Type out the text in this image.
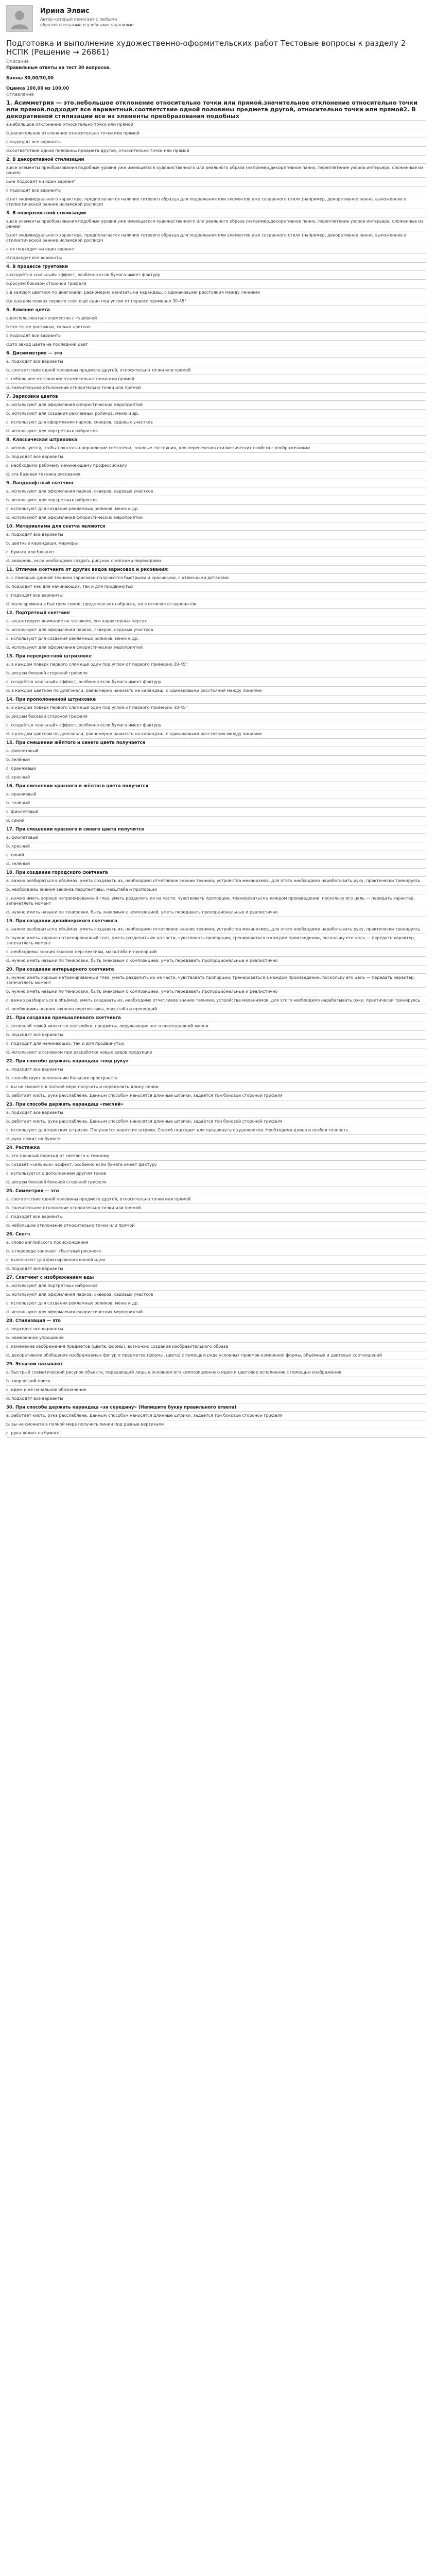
Ирина Элвис
Автор который помогает с любыми образовательными и учебными заданиями
Подготовка и выполнение художественно-оформительских работ Тестовые вопросы к разделу 2 НСПК (Решение → 26861)
Описание
Правильные ответы на тест 30 вопросов.
Баллы 30,00/30,00
Оценка 100,00 из 100,00
Оглавление
1. Асимметрия — это.небольшое отклонение относительно точки или прямой.значительное отклонение относительно точки или прямой.подходит все вариантный.соответствие одной половины предмета другой, относительно точки или прямой2. В декоративной стилизации все из элементы преобразования подобных
а.небольшое отклонение относительно точки или прямой
b.значительное отклонение относительно точки или прямой
с.подходят все варианты
d.соответствие одной половины предмета другой, относительно точки или прямой
2. В декоративной стилизации
а.все элементы преобразования подобные уровня уже имеющегося художественного или реального образа (например,декоративное панно, переплетение узоров интерьера, сложенные из ранее)
b.не подходят ни один вариант
с.подходят все варианты
d.нет индивидуального характера, предполагается наличие готового образца для подражания или элементов уже созданного стиля (например, декоративное панно, выложенное в стилистической ранние исламской росписи)
3. В поверхностной стилизации
а.все элементы преобразования подобные уровня уже имеющегося художественного или реального образа (например,декоративное панно, переплетение узоров интерьера, сложенные из ранее)
b.нет индивидуального характера, предполагается наличие готового образца для подражания или элементов уже созданного стиля (например, декоративное панно, выложенное в стилистической ранние исламской росписи)
с.не подходит ни один вариант
d.подходят все варианты
4. В процессе грунтовки
а.создаётся «сильный» эффект, особенно если бумага имеет фактуру
b.рисуем боковой стороной грифеля
с.в каждом цветном по диагонали, равномерно нанизать на карандаш, с одинаковыми расстояния между линиями
d.в каждом поверх первого слоя ещё один под углом от первого примерно 30-45°
5. Влияние цвета
а.воспользоваться совместно с тушёвкой
b.что те же растяжки, только цветная
с.подходят все варианты
d.это эвход цвета на последний цвет
6. Дисимметрия — это
а. подходят все варианты
b. соответствие одной половины предмета другой, относительно точки или прямой
с. небольшое отклонение относительно точки или прямой
d. значительное отклонение относительно точки или прямой
7. Зарисовки цветов
а. используют для оформления флористических мероприятий
b. используют для создания рекламных роликов, меню и др.
с. используют для оформления парков, скверов, садовых участков
d. используют для портретных набросков
8. Классическая штриховка
а. используется, чтобы показать направление светотени, тоновые состояния, для пересечения стилистических свойств с изображениями
b. подходят все варианты
с. необходимо рабочему начинающему профессионалу
d. эта базовая техника рисования
9. Ландшафтный скетчинг
а. используют для оформления парков, скверов, садовых участков
b. используют для портретных набросков
с. используют для создания рекламных роликов, меню и др.
d. используют для оформления флористических мероприятий
10. Материалами для скетча являются
а. подходят все варианты
b. цветные карандаши, маркеры
с. бумага или блокнот
d. акварель, если необходимо создать рисунок с мягкими переходами
11. Отличие скетчинга от других видов зарисовок и рисования:
а. с помощью данной техники зарисовки получаются быстрыми и красивыми, с отличными деталями
b. подходит как для начинающих, так и для продвинутых
с. подходят все варианты
d. мало времени в быстром темпе, предполагает набросок, но в отличие от вариантов
12. Портретный скетчинг
а. акцентируют внимание на человеке, его характерных чертах
b. используют для оформления парков, скверов, садовых участков
с. используют для создания рекламных роликов, меню и др.
d. используют для оформления флористических мероприятий
13. При перекрёстной штриховке
а. в каждом поверх первого слоя ещё один под углом от первого примерно 30-45°
b. рисуем боковой стороной грифеля
с. создаётся «сильный» эффект, особенно если бумага имеет фактуру
d. в каждом цветном по диагонали, равномерно нанизать на карандаш, с одинаковыми расстояния между линиями
14. При прополоненной штриховке
а. в каждом поверх первого слоя ещё один под углом от первого примерно 30-45°
b. рисуем боковой стороной грифеля
с. создаётся «сильный» эффект, особенно если бумага имеет фактуру
d. в каждом цветном по диагонали, равномерно нанизать на карандаш, с одинаковыми расстояния между линиями
15. При смешении жёлтого и синего цвета получается
а. фиолетовый
b. зелёный
с. оранжевый
d. красный
16. При смешении красного и жёлтого цвета получится
а. оранжевый
b. зелёный
с. фиолетовый
d. синий
17. При смешении красного и синего цвета получится
а. фиолетовый
b. красный
с. синий
d. зелёный
18. При создании городского скетчинга
а. важно разбираться в объёмах, уметь создавать их, необходимо отчетливое знание техники, устройства механизмов, для этого необходимо нарабатывать руку, практически тренируясь
b. необходимы знания законов перспективы, масштаба и пропорций
с. нужно иметь хорошо натренированный глаз, уметь разделить их на части, чувствовать пропорции, тренироваться в каждом произведении, поскольку его цель — передать характер, запечатлеть момент
d. нужно иметь навыки по тенировки, быть знакомым с композицией, уметь передавать пропорциональные и реалистично
19. При создании дизайнерского скетчинга
а. важно разбираться в объёмах, уметь создавать их, необходимо отчетливое знание техники, устройства механизмов, для этого необходимо нарабатывать руку, практически тренируясь
b. нужно иметь хорошо натренированный глаз, уметь разделить их на части, чувствовать пропорции, тренироваться в каждом произведении, поскольку его цель — передать характер, запечатлеть момент
с. необходимы знания законов перспективы, масштаба и пропорций
d. нужно иметь навыки по тенировки, быть знакомым с композицией, уметь передавать пропорциональные и реалистично
20. При создании интерьерного скетчинга
а. нужно иметь хорошо натренированный глаз, уметь разделить их на части, чувствовать пропорции, тренироваться в каждом произведении, поскольку его цель — передать характер, запечатлеть момент
b. нужно иметь навыки по тенировки, быть знакомым с композицией, уметь передавать пропорциональные и реалистично
с. важно разбираться в объёмах, уметь создавать их, необходимо отчетливое знание техники, устройства механизмов, для этого необходимо нарабатывать руку, практически тренируясь
d. необходимы знания законов перспективы, масштаба и пропорций
21. При создании промышленного скетчинга
а. основной темой являются постройки, предметы, окружающие нас в повседневной жизни
b. подходят все варианты
с. подходит для начинающих, так и для продвинутых
d. используют в основном при разработке новых видов продукции
22. При способе держать карандаш «под руку»
а. подходят все варианты
b. способствует заполнению больших пространств
с. вы не сможете в полной мере получить и определить длину линии
d. работает кисть, рука расслаблена. Данным способом наносятся длинные штрихи, задаётся тон боковой стороной грифеля
23. При способе держать карандаш «писчий»
а. подходят все варианты
b. работает кисть, рука расслаблена. Данным способом наносятся длинные штрихи, задаётся тон боковой стороной грифеля
с. используют для коротких штрихов. Получается короткие штрихи. Способ подходит для продвинутых художников. Необходима длина и особая точность
d. рука лежит на бумаге
24. Растяжка
а. это плавный переход от светлого к темному
b. создаёт «сильный» эффект, особенно если бумага имеет фактуру
с. используется с дополнением другим тонов
d. рисуем боковой боковой стороной грифеля
25. Симметрия — это
а. соответствие одной половины предмета другой, относительно точки или прямой
b. значительное отклонение относительно точки или прямой
с. подходят все варианты
d. небольшое отклонение относительно точки или прямой
26. Скетч
а. слово английского происхождения
b. в переводе означает «быстрый рисунок»
с. выполняют для фиксирования вашей идеи
d. подходят все варианты
27. Скетчинг с изображением еды
а. используют для портретных набросков
b. используют для оформления парков, скверов, садовых участков
с. используют для создания рекламных роликов, меню и др.
d. используют для оформления флористических мероприятий
28. Стилизация — это
а. подходят все варианты
b. намеренное упрощение
с. изменение изображения предметов (цвета, формы), возможно создание изобразительного образа
d. декоративное обобщение изображаемых фигур и предметов (формы, цвета) с помощью ряда условных приемов изменения формы, объёмных и цветовых соотношений
29. Эскизом называют
а. быстрый схематический рисунок объекта, передающий лишь в основном его композиционную идею и цветовое исполнение с помощью изображения
b. творческий поиск
с. идею и её начальное обозначение
d. подходят все варианты
30. При способе держать карандаш «за середину» (Напишите букву правильного ответа)
а. работает кисть, рука расслаблена. Данным способом наносятся длинные штрихи, задаётся тон боковой стороной грифеля
b. вы не сможете в полной мере получить линии под разные вертикали
с. рука лежит на бумаге
